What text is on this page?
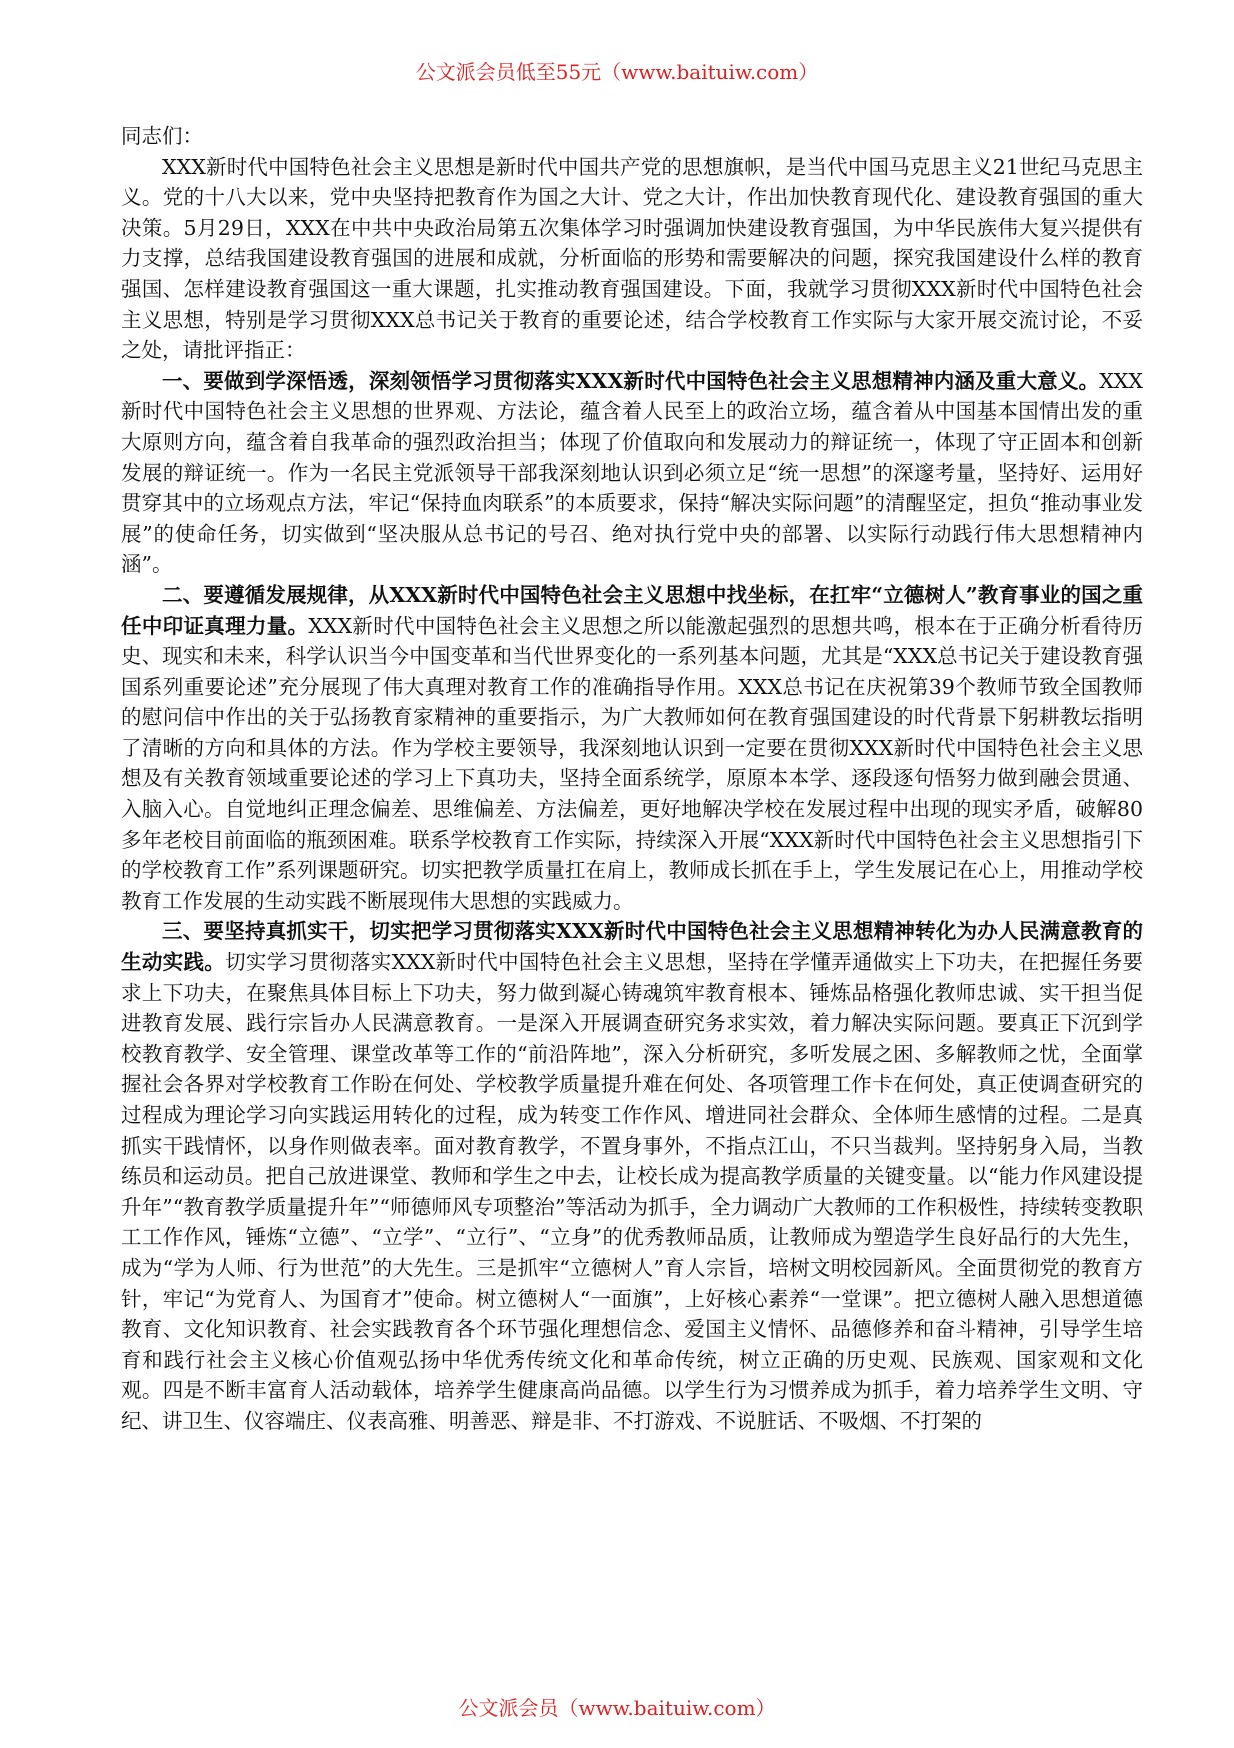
公文派会员低至55元（www.baituiw.com）

同志们：

XXX新时代中国特色社会主义思想是新时代中国共产党的思想旗帜，是当代中国马克思主义21世纪马克思主义。党的十八大以来，党中央坚持把教育作为国之大计、党之大计，作出加快教育现代化、建设教育强国的重大决策。5月29日，XXX在中共中央政治局第五次集体学习时强调加快建设教育强国，为中华民族伟大复兴提供有力支撑，总结我国建设教育强国的进展和成就，分析面临的形势和需要解决的问题，探究我国建设什么样的教育强国、怎样建设教育强国这一重大课题，扎实推动教育强国建设。下面，我就学习贯彻XXX新时代中国特色社会主义思想，特别是学习贯彻XXX总书记关于教育的重要论述，结合学校教育工作实际与大家开展交流讨论，不妥之处，请批评指正：

一、要做到学深悟透，深刻领悟学习贯彻落实XXX新时代中国特色社会主义思想精神内涵及重大意义。XXX新时代中国特色社会主义思想的世界观、方法论，蕴含着人民至上的政治立场，蕴含着从中国基本国情出发的重大原则方向，蕴含着自我革命的强烈政治担当；体现了价值取向和发展动力的辩证统一，体现了守正固本和创新发展的辩证统一。作为一名民主党派领导干部我深刻地认识到必须立足“统一思想”的深邃考量，坚持好、运用好贯穿其中的立场观点方法，牢记“保持血肉联系”的本质要求，保持“解决实际问题”的清醒坚定，担负“推动事业发展”的使命任务，切实做到“坚决服从总书记的号召、绝对执行党中央的部署、以实际行动践行伟大思想精神内涵”。

二、要遵循发展规律，从XXX新时代中国特色社会主义思想中找坐标，在扛牢“立德树人”教育事业的国之重任中印证真理力量。XXX新时代中国特色社会主义思想之所以能激起强烈的思想共鸣，根本在于正确分析看待历史、现实和未来，科学认识当今中国变革和当代世界变化的一系列基本问题，尤其是“XXX总书记关于建设教育强国系列重要论述”充分展现了伟大真理对教育工作的准确指导作用。XXX总书记在庆祝第39个教师节致全国教师的慰问信中作出的关于弘扬教育家精神的重要指示，为广大教师如何在教育强国建设的时代背景下躬耕教坛指明了清晰的方向和具体的方法。作为学校主要领导，我深刻地认识到一定要在贯彻XXX新时代中国特色社会主义思想及有关教育领域重要论述的学习上下真功夫，坚持全面系统学，原原本本学、逐段逐句悟努力做到融会贯通、入脑入心。自觉地纠正理念偏差、思维偏差、方法偏差，更好地解决学校在发展过程中出现的现实矛盾，破解80多年老校目前面临的瓶颈困难。联系学校教育工作实际，持续深入开展“XXX新时代中国特色社会主义思想指引下的学校教育工作”系列课题研究。切实把教学质量扛在肩上，教师成长抓在手上，学生发展记在心上，用推动学校教育工作发展的生动实践不断展现伟大思想的实践威力。

三、要坚持真抓实干，切实把学习贯彻落实XXX新时代中国特色社会主义思想精神转化为办人民满意教育的生动实践。切实学习贯彻落实XXX新时代中国特色社会主义思想，坚持在学懂弄通做实上下功夫，在把握任务要求上下功夫，在聚焦具体目标上下功夫，努力做到凝心铸魂筑牢教育根本、锤炼品格强化教师忠诚、实干担当促进教育发展、践行宗旨办人民满意教育。一是深入开展调查研究务求实效，着力解决实际问题。要真正下沉到学校教育教学、安全管理、课堂改革等工作的“前沿阵地”，深入分析研究，多听发展之困、多解教师之忧，全面掌握社会各界对学校教育工作盼在何处、学校教学质量提升难在何处、各项管理工作卡在何处，真正使调查研究的过程成为理论学习向实践运用转化的过程，成为转变工作作风、增进同社会群众、全体师生感情的过程。二是真抓实干践情怀，以身作则做表率。面对教育教学，不置身事外，不指点江山，不只当裁判。坚持躬身入局，当教练员和运动员。把自己放进课堂、教师和学生之中去，让校长成为提高教学质量的关键变量。以“能力作风建设提升年”“教育教学质量提升年”“师德师风专项整治”等活动为抓手，全力调动广大教师的工作积极性，持续转变教职工工作作风，锤炼“立德”、“立学”、“立行”、“立身”的优秀教师品质，让教师成为塑造学生良好品行的大先生，成为“学为人师、行为世范”的大先生。三是抓牢“立德树人”育人宗旨，培树文明校园新风。全面贯彻党的教育方针，牢记“为党育人、为国育才”使命。树立德树人“一面旗”，上好核心素养“一堂课”。把立德树人融入思想道德教育、文化知识教育、社会实践教育各个环节强化理想信念、爱国主义情怀、品德修养和奋斗精神，引导学生培育和践行社会主义核心价值观弘扬中华优秀传统文化和革命传统，树立正确的历史观、民族观、国家观和文化观。四是不断丰富育人活动载体，培养学生健康高尚品德。以学生行为习惯养成为抓手，着力培养学生文明、守纪、讲卫生、仪容端庄、仪表高雅、明善恶、辩是非、不打游戏、不说脏话、不吸烟、不打架的

公文派会员（www.baituiw.com）
